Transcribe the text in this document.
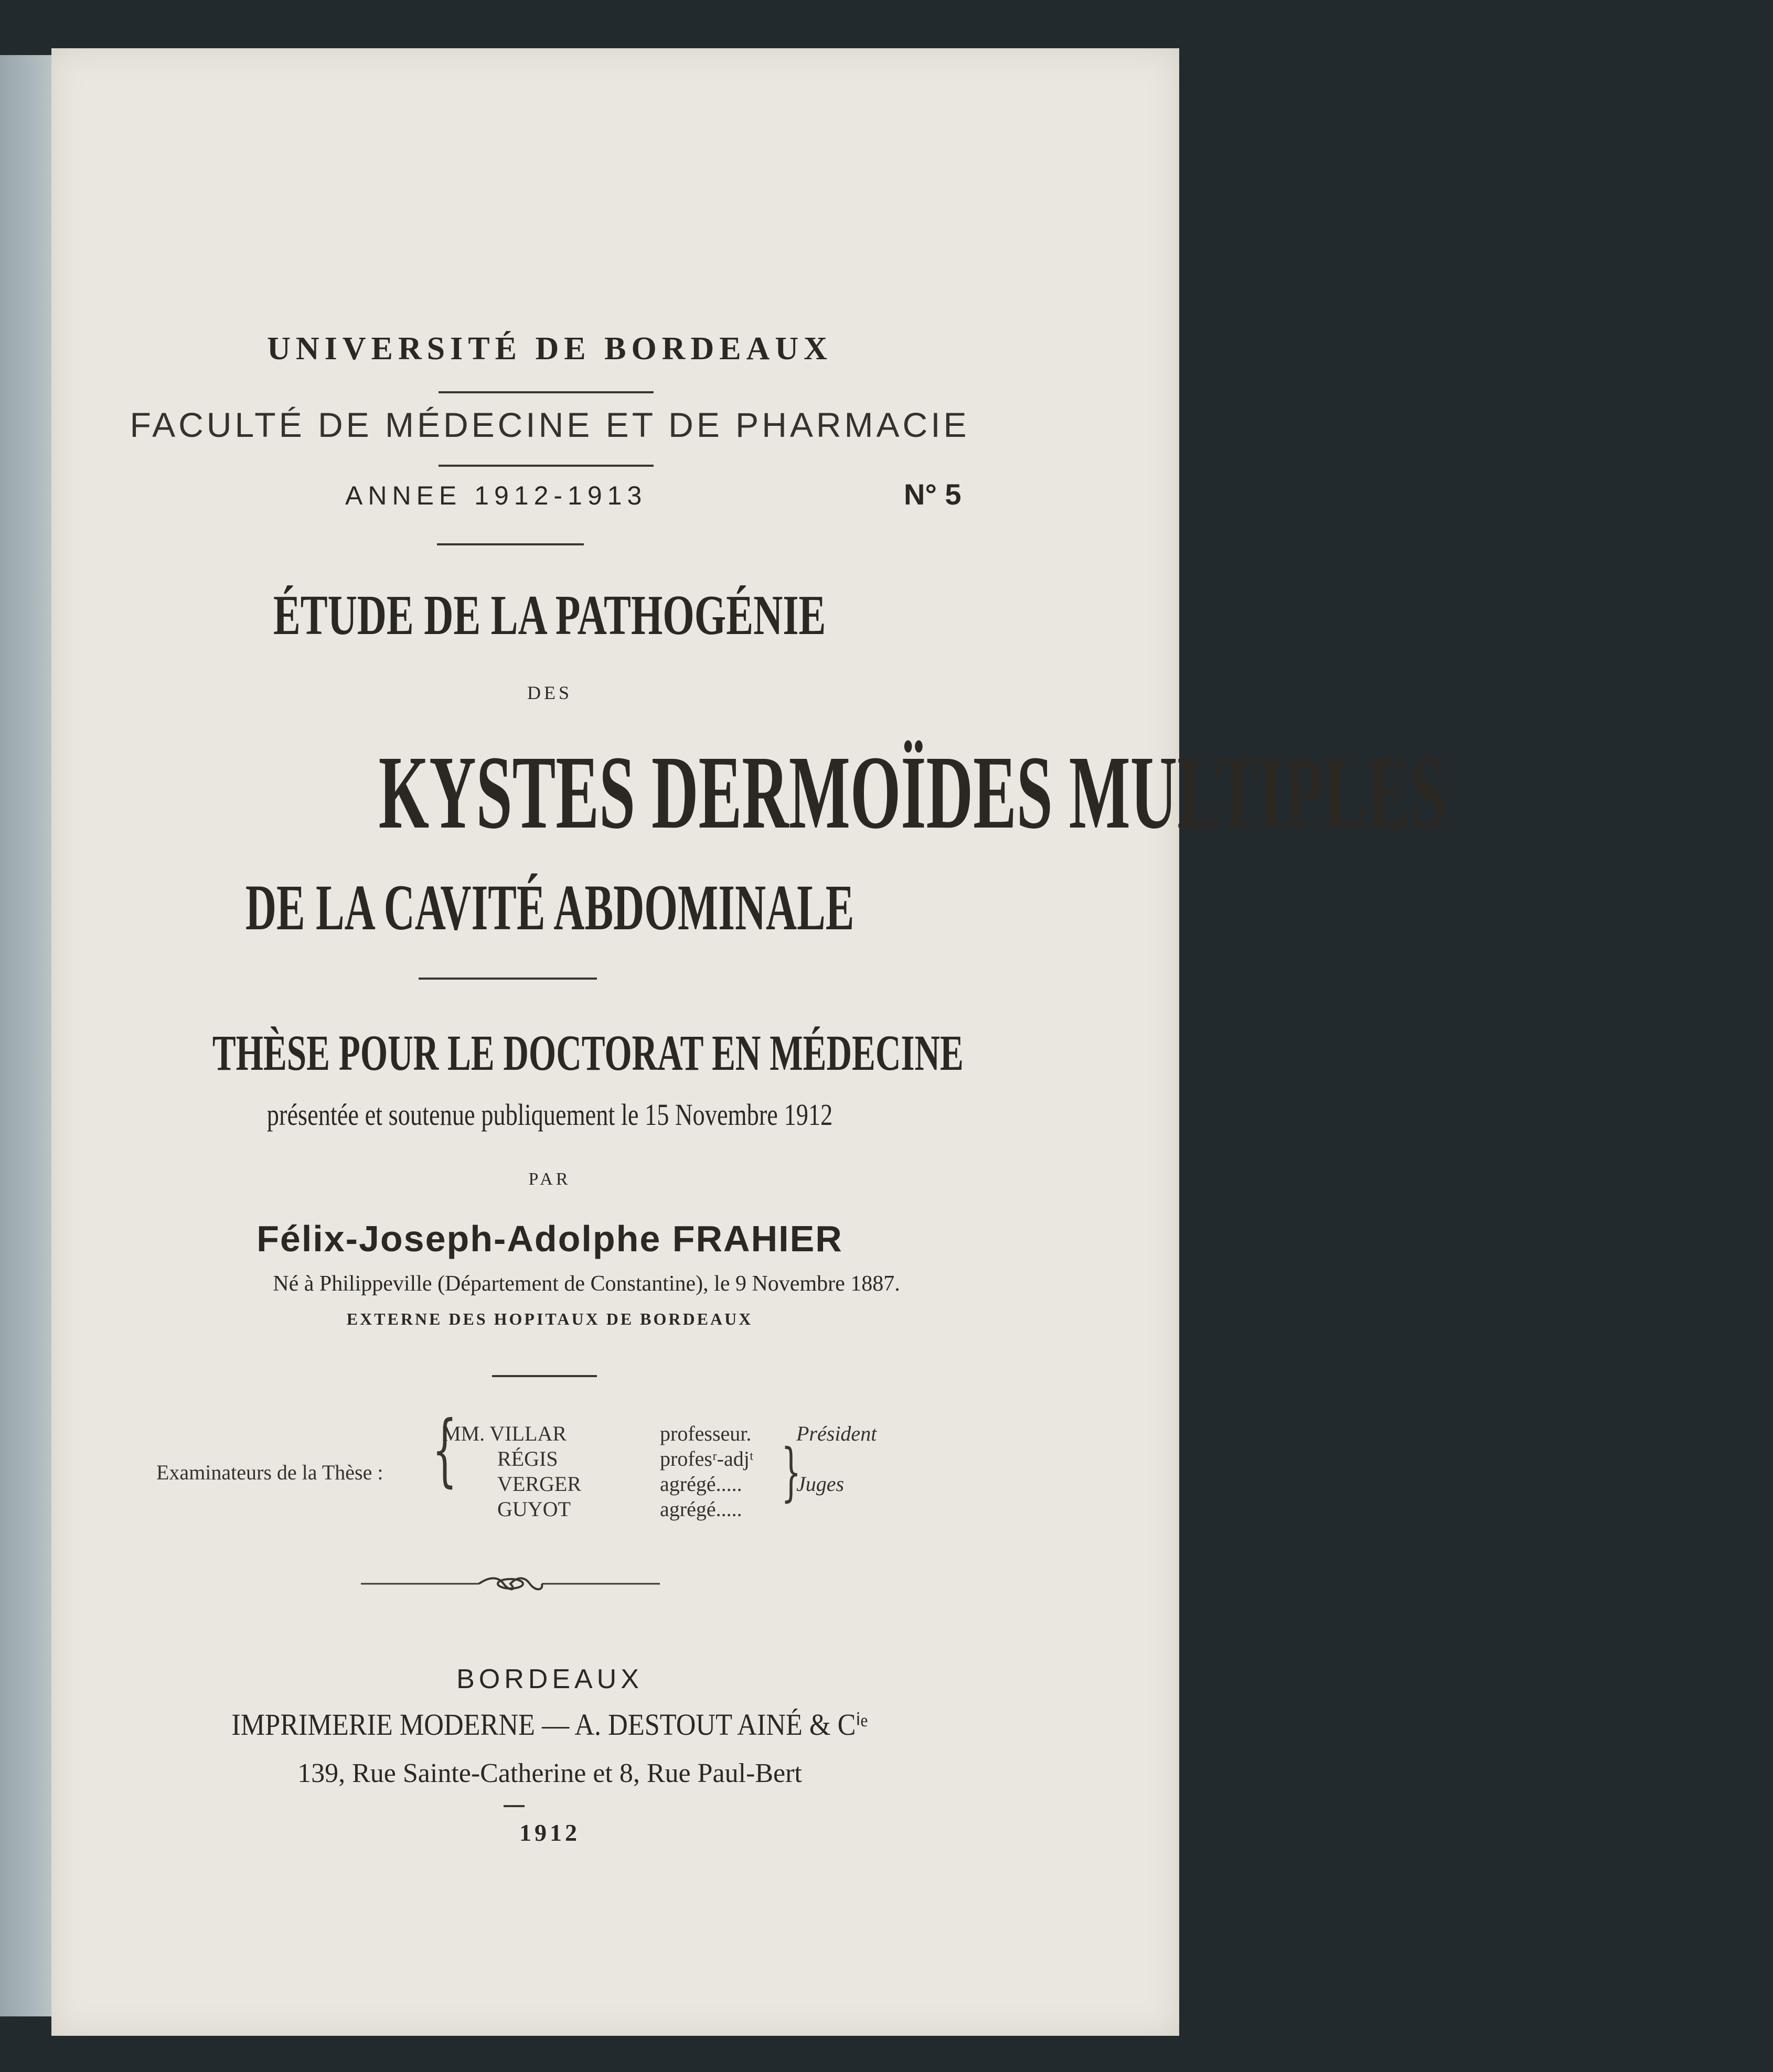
UNIVERSITÉ DE BORDEAUX
FACULTÉ DE MÉDECINE ET DE PHARMACIE
ANNEE 1912-1913	N° 5
ÉTUDE DE LA PATHOGÉNIE
DES
KYSTES DERMOÏDES MULTIPLES
DE LA CAVITÉ ABDOMINALE
THÈSE POUR LE DOCTORAT EN MÉDECINE
présentée et soutenue publiquement le 15 Novembre 1912
PAR
Félix-Joseph-Adolphe FRAHIER
Né à Philippeville (Département de Constantine), le 9 Novembre 1887.
EXTERNE DES HOPITAUX DE BORDEAUX
Examinateurs de la Thèse : {
MM. VILLAR
RÉGIS
VERGER
GUYOT
professeur.
profesʳ-adjᵗ
agrégé.....
agrégé.....
Président
}
Juges
BORDEAUX
IMPRIMERIE MODERNE — A. DESTOUT AINÉ & Cⁱᵉ
139, Rue Sainte-Catherine et 8, Rue Paul-Bert
1912
